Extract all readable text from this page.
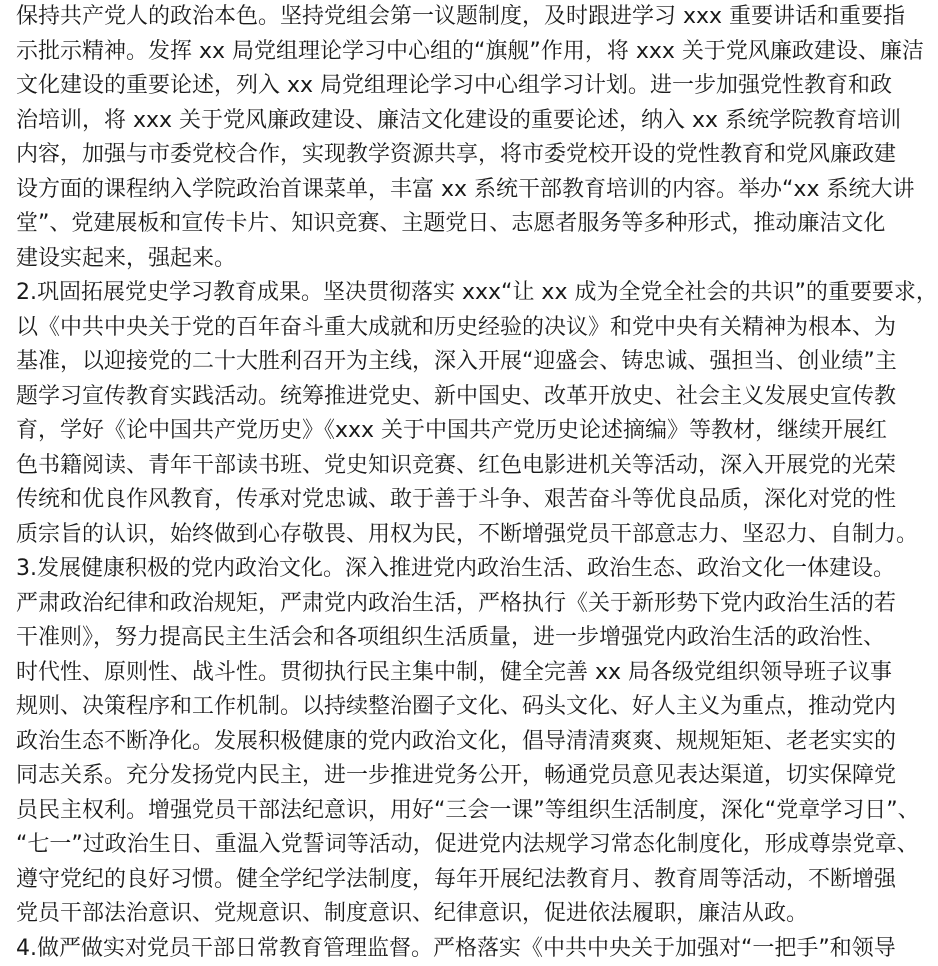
保持共产党人的政治本色。坚持党组会第一议题制度，及时跟进学习 xxx 重要讲话和重要指
示批示精神。发挥 xx 局党组理论学习中心组的“旗舰”作用，将 xxx 关于党风廉政建设、廉洁
文化建设的重要论述，列入 xx 局党组理论学习中心组学习计划。进一步加强党性教育和政
治培训，将 xxx 关于党风廉政建设、廉洁文化建设的重要论述，纳入 xx 系统学院教育培训
内容，加强与市委党校合作，实现教学资源共享，将市委党校开设的党性教育和党风廉政建
设方面的课程纳入学院政治首课菜单，丰富 xx 系统干部教育培训的内容。举办“xx 系统大讲
堂”、党建展板和宣传卡片、知识竞赛、主题党日、志愿者服务等多种形式，推动廉洁文化
建设实起来，强起来。
2.巩固拓展党史学习教育成果。坚决贯彻落实 xxx“让 xx 成为全党全社会的共识”的重要要求，
以《中共中央关于党的百年奋斗重大成就和历史经验的决议》和党中央有关精神为根本、为
基准，以迎接党的二十大胜利召开为主线，深入开展“迎盛会、铸忠诚、强担当、创业绩”主
题学习宣传教育实践活动。统筹推进党史、新中国史、改革开放史、社会主义发展史宣传教
育，学好《论中国共产党历史》《xxx 关于中国共产党历史论述摘编》等教材，继续开展红
色书籍阅读、青年干部读书班、党史知识竞赛、红色电影进机关等活动，深入开展党的光荣
传统和优良作风教育，传承对党忠诚、敢于善于斗争、艰苦奋斗等优良品质，深化对党的性
质宗旨的认识，始终做到心存敬畏、用权为民，不断增强党员干部意志力、坚忍力、自制力。
3.发展健康积极的党内政治文化。深入推进党内政治生活、政治生态、政治文化一体建设。
严肃政治纪律和政治规矩，严肃党内政治生活，严格执行《关于新形势下党内政治生活的若
干准则》，努力提高民主生活会和各项组织生活质量，进一步增强党内政治生活的政治性、
时代性、原则性、战斗性。贯彻执行民主集中制，健全完善 xx 局各级党组织领导班子议事
规则、决策程序和工作机制。以持续整治圈子文化、码头文化、好人主义为重点，推动党内
政治生态不断净化。发展积极健康的党内政治文化，倡导清清爽爽、规规矩矩、老老实实的
同志关系。充分发扬党内民主，进一步推进党务公开，畅通党员意见表达渠道，切实保障党
员民主权利。增强党员干部法纪意识，用好“三会一课”等组织生活制度，深化“党章学习日”、
“七一”过政治生日、重温入党誓词等活动，促进党内法规学习常态化制度化，形成尊崇党章、
遵守党纪的良好习惯。健全学纪学法制度，每年开展纪法教育月、教育周等活动，不断增强
党员干部法治意识、党规意识、制度意识、纪律意识，促进依法履职，廉洁从政。
4.做严做实对党员干部日常教育管理监督。严格落实《中共中央关于加强对“一把手”和领导
